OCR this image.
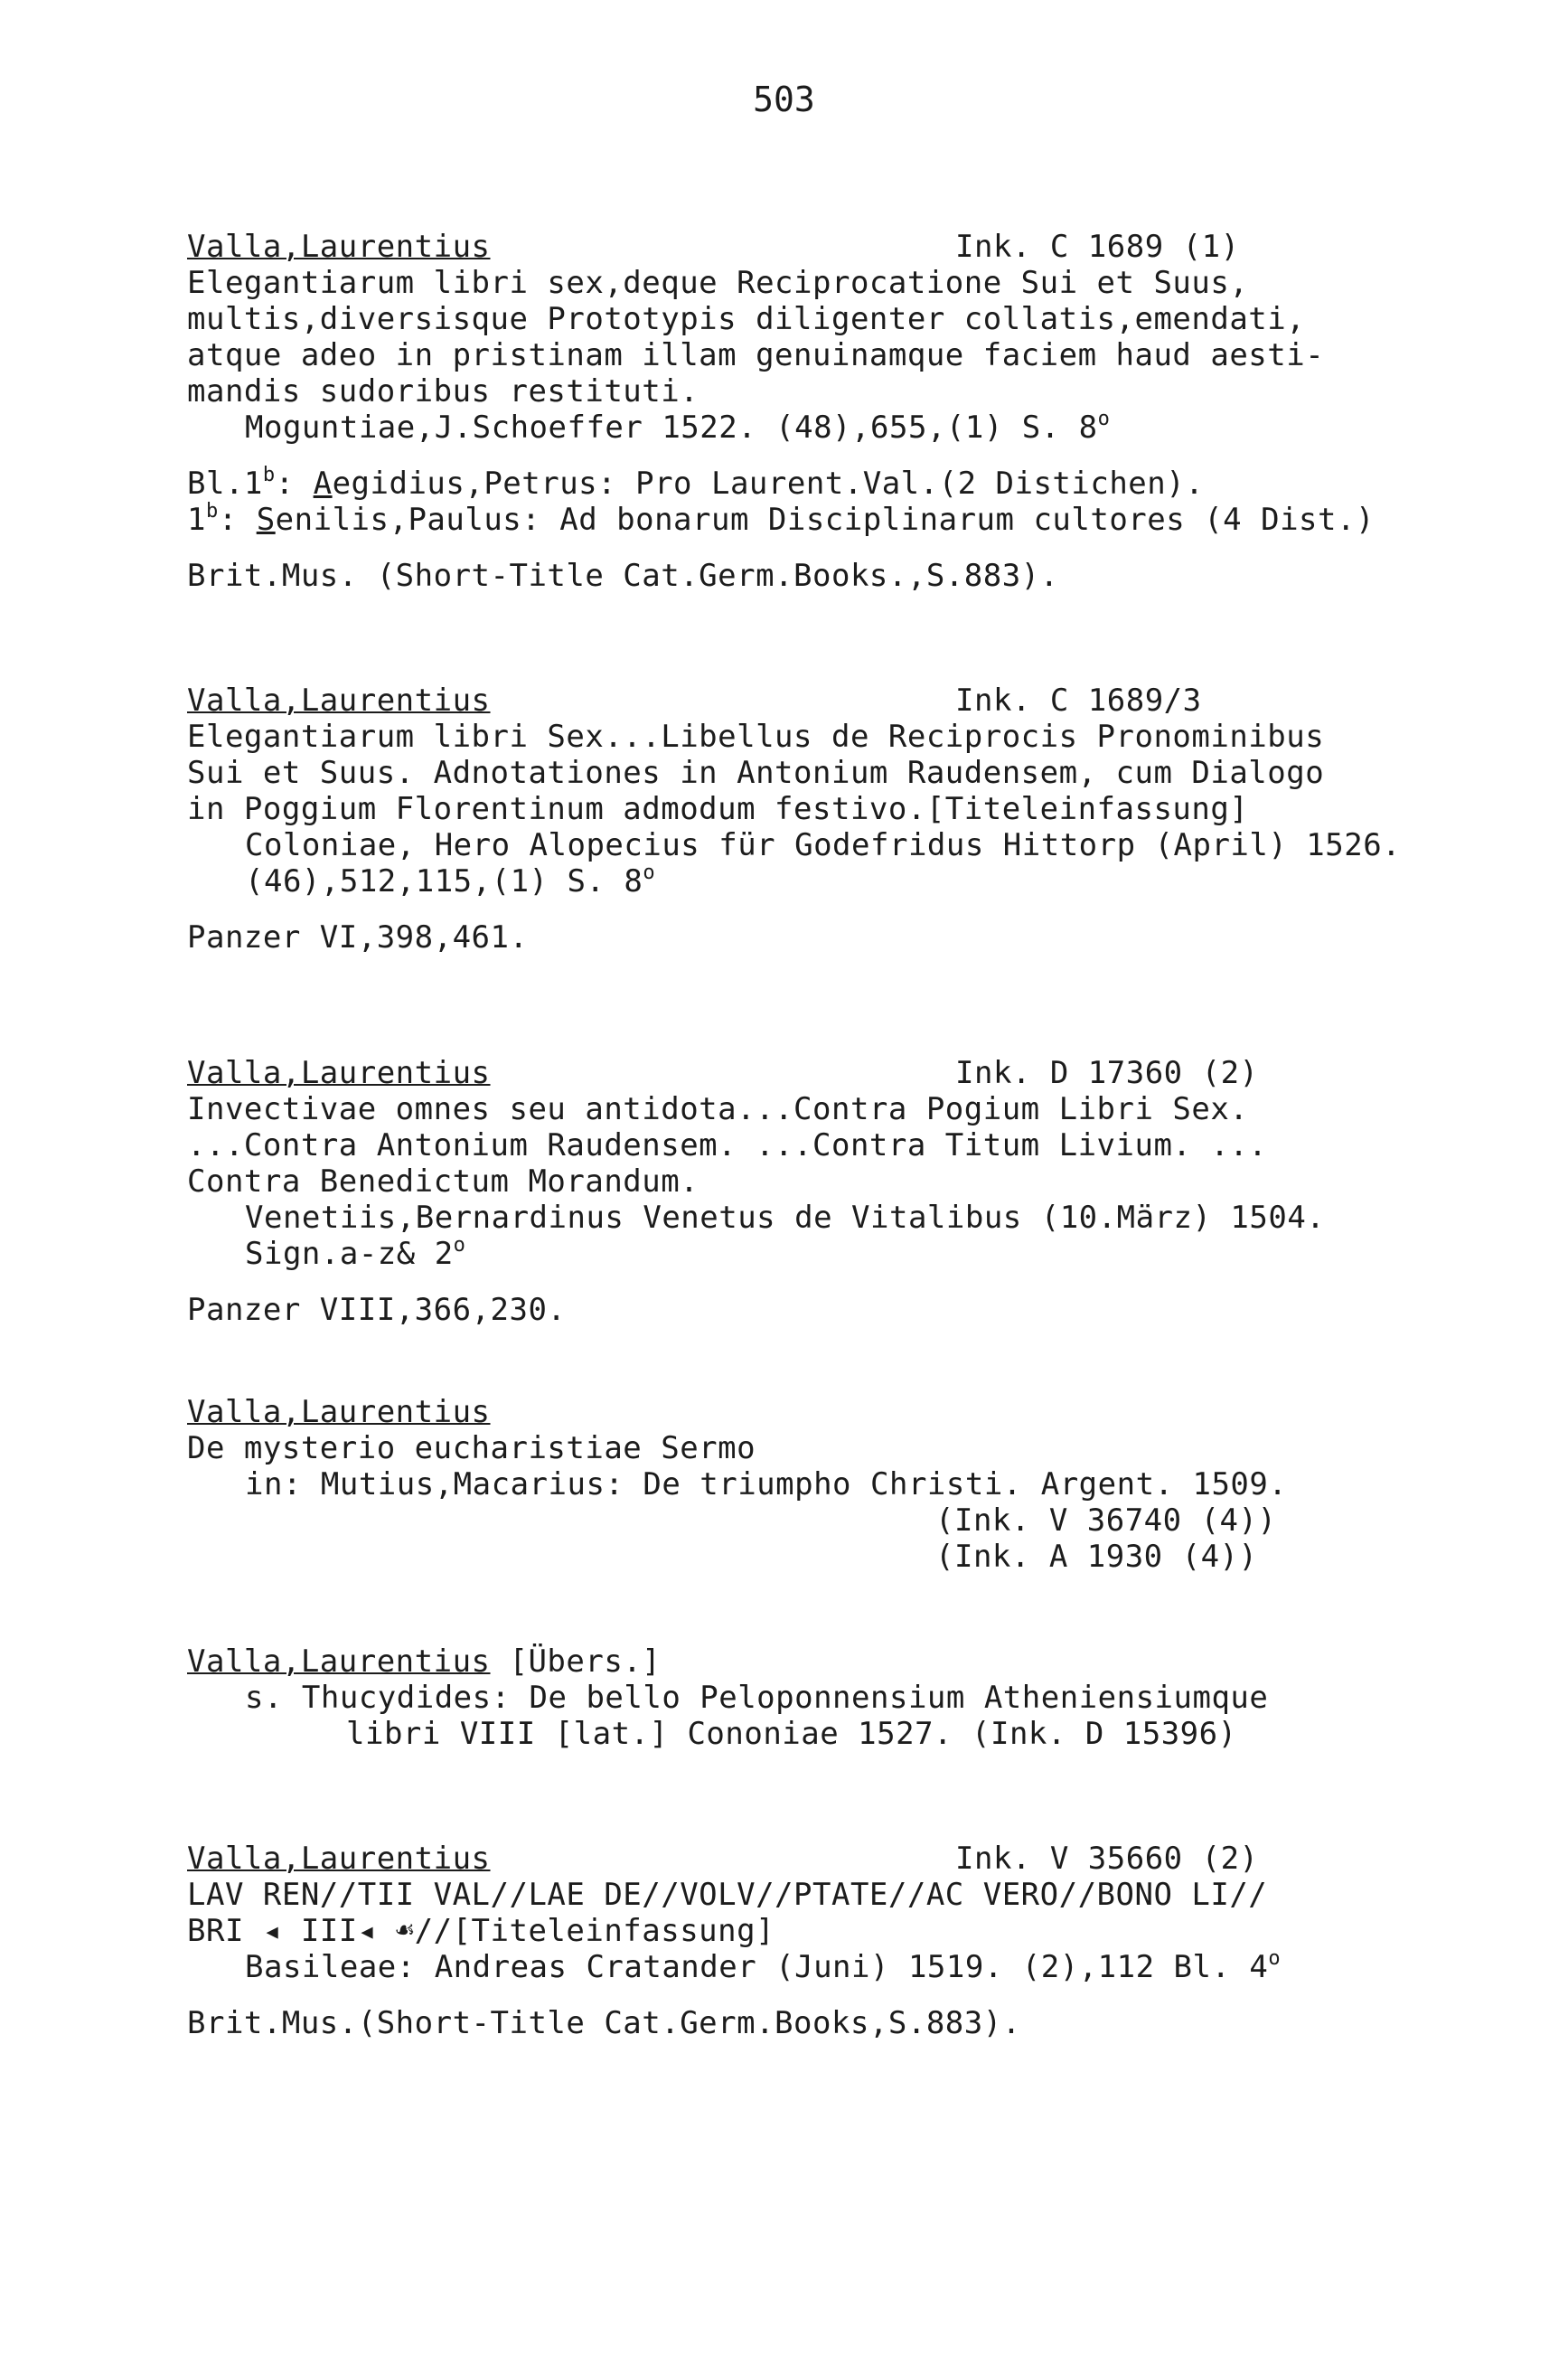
503
Valla,Laurentius	Ink. C 1689 (1)
Elegantiarum libri sex,deque Reciprocatione Sui et Suus,
multis,diversisque Prototypis diligenter collatis,emendati,
atque adeo in pristinam illam genuinamque faciem haud aesti-
mandis sudoribus restituti.
Moguntiae,J.Schoeffer 1522. (48),655,(1) S. 8$^o$
Bl.1$^b$: Aegidius,Petrus: Pro Laurent.Val.(2 Distichen).
1$^b$: Senilis,Paulus: Ad bonarum Disciplinarum cultores (4 Dist.)
Brit.Mus. (Short-Title Cat.Germ.Books.,S.883).
Valla,Laurentius	Ink. C 1689/3
Elegantiarum libri Sex...Libellus de Reciprocis Pronominibus
Sui et Suus. Adnotationes in Antonium Raudensem, cum Dialogo
in Poggium Florentinum admodum festivo.[Titeleinfassung]
Coloniae, Hero Alopecius für Godefridus Hittorp (April) 1526.
(46),512,115,(1) S. 8$^o$
Panzer VI,398,461.
Valla,Laurentius	Ink. D 17360 (2)
Invectivae omnes seu antidota...Contra Pogium Libri Sex.
...Contra Antonium Raudensem. ...Contra Titum Livium. ...
Contra Benedictum Morandum.
Venetiis,Bernardinus Venetus de Vitalibus (10.März) 1504.
Sign.a-z& 2$^o$
Panzer VIII,366,230.
Valla,Laurentius
De mysterio eucharistiae Sermo
in: Mutius,Macarius: De triumpho Christi. Argent. 1509.
(Ink. V 36740 (4))
(Ink. A 1930 (4))
Valla,Laurentius [Übers.]
s. Thucydides: De bello Peloponnensium Atheniensiumque
libri VIII [lat.] Cononiae 1527. (Ink. D 15396)
Valla,Laurentius	Ink. V 35660 (2)
LAV REN//TII VAL//LAE DE//VOLV//PTATE//AC VERO//BONO LI//
BRI ◂ III◂ ☙//[Titeleinfassung]
Basileae: Andreas Cratander (Juni) 1519. (2),112 Bl. 4$^o$
Brit.Mus.(Short-Title Cat.Germ.Books,S.883).
